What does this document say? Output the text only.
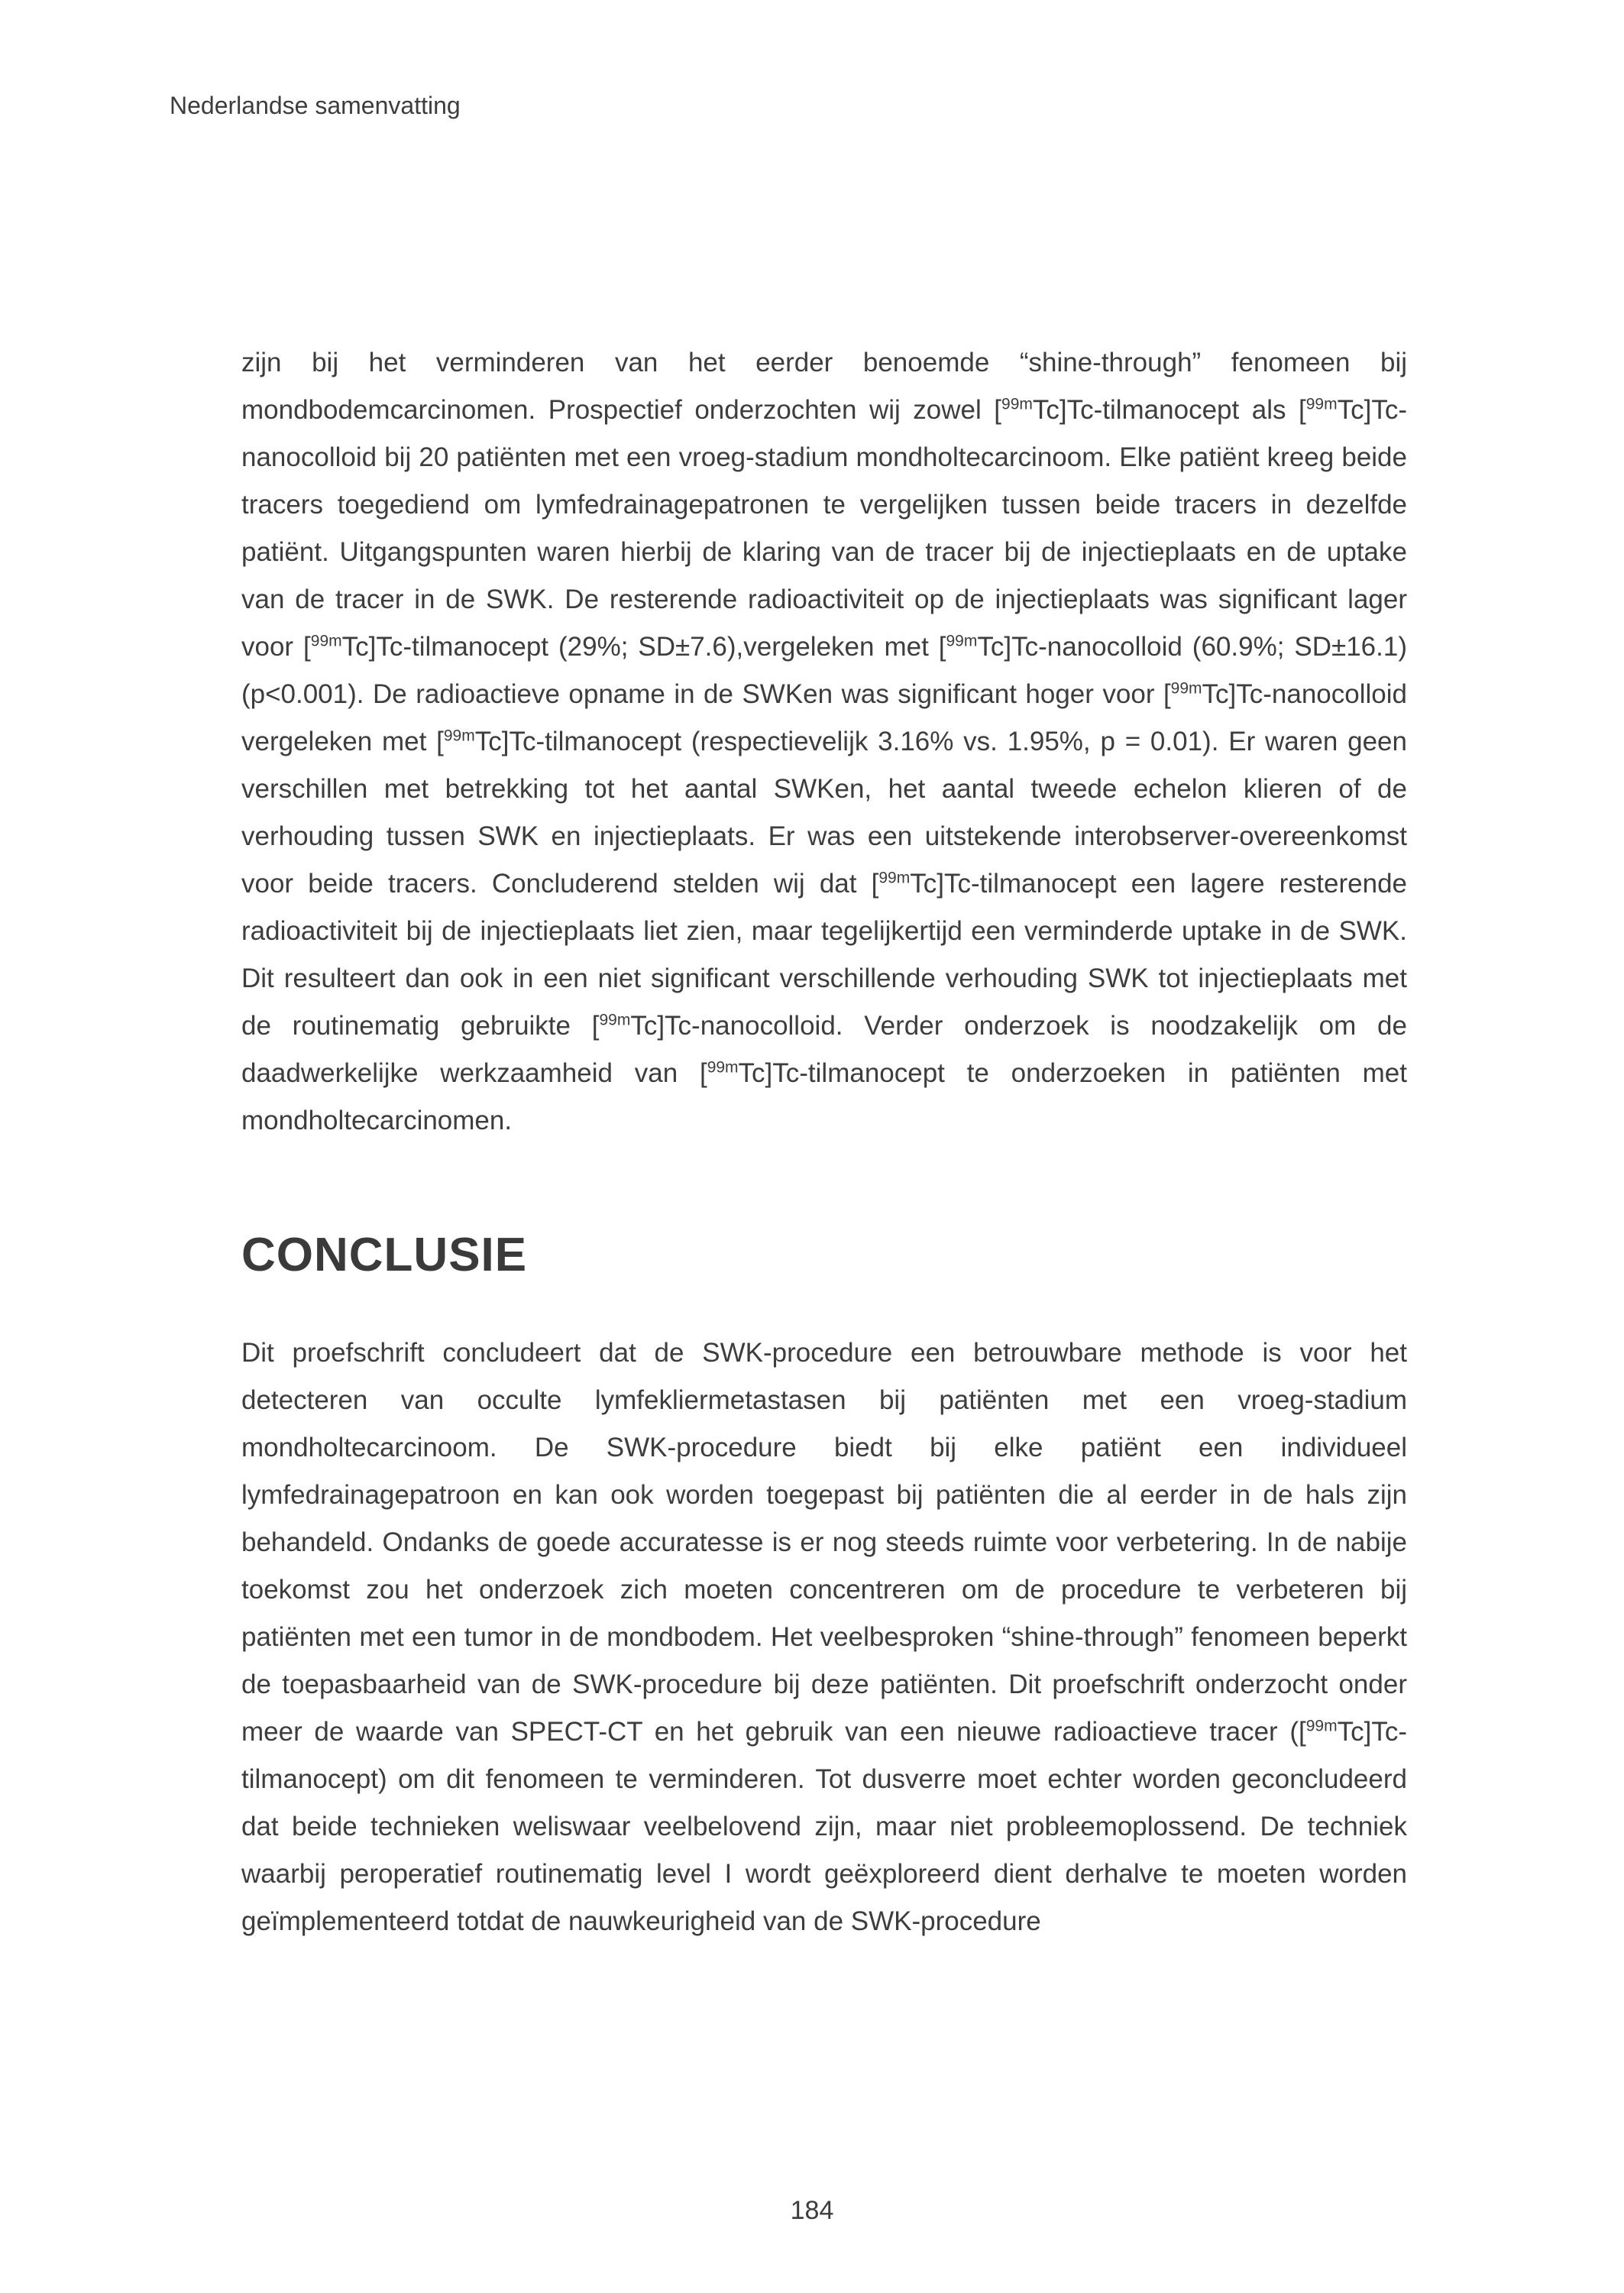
Nederlandse samenvatting

zijn bij het verminderen van het eerder benoemde “shine-through” fenomeen bij mondbodemcarcinomen. Prospectief onderzochten wij zowel [$^{99m}$Tc]Tc-tilmanocept als [$^{99m}$Tc]Tc-nanocolloid bij 20 patiënten met een vroeg-stadium mondholtecarcinoom. Elke patiënt kreeg beide tracers toegediend om lymfedrainagepatronen te vergelijken tussen beide tracers in dezelfde patiënt. Uitgangspunten waren hierbij de klaring van de tracer bij de injectieplaats en de uptake van de tracer in de SWK. De resterende radioactiviteit op de injectieplaats was significant lager voor [$^{99m}$Tc]Tc-tilmanocept (29%; SD±7.6),vergeleken met [$^{99m}$Tc]Tc-nanocolloid (60.9%; SD±16.1) (p<0.001). De radioactieve opname in de SWKen was significant hoger voor [$^{99m}$Tc]Tc-nanocolloid vergeleken met [$^{99m}$Tc]Tc-tilmanocept (respectievelijk 3.16% vs. 1.95%, p = 0.01). Er waren geen verschillen met betrekking tot het aantal SWKen, het aantal tweede echelon klieren of de verhouding tussen SWK en injectieplaats. Er was een uitstekende interobserver-overeenkomst voor beide tracers. Concluderend stelden wij dat [$^{99m}$Tc]Tc-tilmanocept een lagere resterende radioactiviteit bij de injectieplaats liet zien, maar tegelijkertijd een verminderde uptake in de SWK. Dit resulteert dan ook in een niet significant verschillende verhouding SWK tot injectieplaats met de routinematig gebruikte [$^{99m}$Tc]Tc-nanocolloid. Verder onderzoek is noodzakelijk om de daadwerkelijke werkzaamheid van [$^{99m}$Tc]Tc-tilmanocept te onderzoeken in patiënten met mondholtecarcinomen.

CONCLUSIE

Dit proefschrift concludeert dat de SWK-procedure een betrouwbare methode is voor het detecteren van occulte lymfekliermetastasen bij patiënten met een vroeg-stadium mondholtecarcinoom. De SWK-procedure biedt bij elke patiënt een individueel lymfedrainagepatroon en kan ook worden toegepast bij patiënten die al eerder in de hals zijn behandeld. Ondanks de goede accuratesse is er nog steeds ruimte voor verbetering. In de nabije toekomst zou het onderzoek zich moeten concentreren om de procedure te verbeteren bij patiënten met een tumor in de mondbodem. Het veelbesproken “shine-through” fenomeen beperkt de toepasbaarheid van de SWK-procedure bij deze patiënten. Dit proefschrift onderzocht onder meer de waarde van SPECT-CT en het gebruik van een nieuwe radioactieve tracer ([$^{99m}$Tc]Tc-tilmanocept) om dit fenomeen te verminderen. Tot dusverre moet echter worden geconcludeerd dat beide technieken weliswaar veelbelovend zijn, maar niet probleemoplossend. De techniek waarbij peroperatief routinematig level I wordt geëxploreerd dient derhalve te moeten worden geïmplementeerd totdat de nauwkeurigheid van de SWK-procedure

184
